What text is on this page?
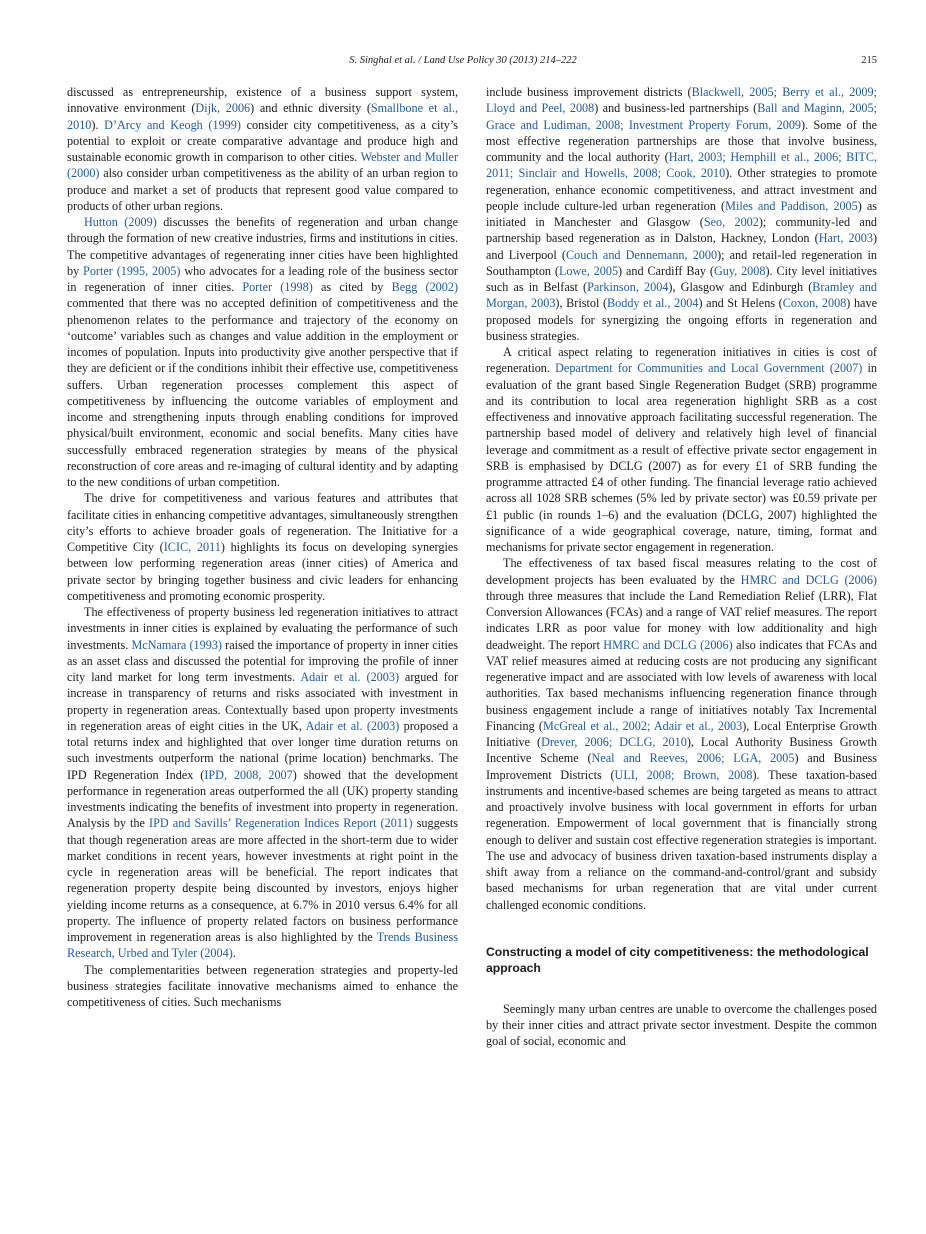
S. Singhal et al. / Land Use Policy 30 (2013) 214–222	215

discussed as entrepreneurship, existence of a business support system, innovative environment (Dijk, 2006) and ethnic diversity (Smallbone et al., 2010). D’Arcy and Keogh (1999) consider city competitiveness, as a city’s potential to exploit or create comparative advantage and produce high and sustainable economic growth in comparison to other cities. Webster and Muller (2000) also consider urban competitiveness as the ability of an urban region to produce and market a set of products that represent good value compared to products of other urban regions.

Hutton (2009) discusses the benefits of regeneration and urban change through the formation of new creative industries, firms and institutions in cities. The competitive advantages of regenerating inner cities have been highlighted by Porter (1995, 2005) who advocates for a leading role of the business sector in regeneration of inner cities. Porter (1998) as cited by Begg (2002) commented that there was no accepted definition of competitiveness and the phenomenon relates to the performance and trajectory of the economy on ‘outcome’ variables such as changes and value addition in the employment or incomes of population. Inputs into productivity give another perspective that if they are deficient or if the conditions inhibit their effective use, competitiveness suffers. Urban regeneration processes complement this aspect of competitiveness by influencing the outcome variables of employment and income and strengthening inputs through enabling conditions for improved physical/built environment, economic and social benefits. Many cities have successfully embraced regeneration strategies by means of the physical reconstruction of core areas and re-imaging of cultural identity and by adapting to the new conditions of urban competition.

The drive for competitiveness and various features and attributes that facilitate cities in enhancing competitive advantages, simultaneously strengthen city’s efforts to achieve broader goals of regeneration. The Initiative for a Competitive City (ICIC, 2011) highlights its focus on developing synergies between low performing regeneration areas (inner cities) of America and private sector by bringing together business and civic leaders for enhancing competitiveness and promoting economic prosperity.

The effectiveness of property business led regeneration initiatives to attract investments in inner cities is explained by evaluating the performance of such investments. McNamara (1993) raised the importance of property in inner cities as an asset class and discussed the potential for improving the profile of inner city land market for long term investments. Adair et al. (2003) argued for increase in transparency of returns and risks associated with investment in property in regeneration areas. Contextually based upon property investments in regeneration areas of eight cities in the UK, Adair et al. (2003) proposed a total returns index and highlighted that over longer time duration returns on such investments outperform the national (prime location) benchmarks. The IPD Regeneration Index (IPD, 2008, 2007) showed that the development performance in regeneration areas outperformed the all (UK) property standing investments indicating the benefits of investment into property in regeneration. Analysis by the IPD and Savills’ Regeneration Indices Report (2011) suggests that though regeneration areas are more affected in the short-term due to wider market conditions in recent years, however investments at right point in the cycle in regeneration areas will be beneficial. The report indicates that regeneration property despite being discounted by investors, enjoys higher yielding income returns as a consequence, at 6.7% in 2010 versus 6.4% for all property. The influence of property related factors on business performance improvement in regeneration areas is also highlighted by the Trends Business Research, Urbed and Tyler (2004).

The complementarities between regeneration strategies and property-led business strategies facilitate innovative mechanisms aimed to enhance the competitiveness of cities. Such mechanisms

include business improvement districts (Blackwell, 2005; Berry et al., 2009; Lloyd and Peel, 2008) and business-led partnerships (Ball and Maginn, 2005; Grace and Ludiman, 2008; Investment Property Forum, 2009). Some of the most effective regeneration partnerships are those that involve business, community and the local authority (Hart, 2003; Hemphill et al., 2006; BITC, 2011; Sinclair and Howells, 2008; Cook, 2010). Other strategies to promote regeneration, enhance economic competitiveness, and attract investment and people include culture-led urban regeneration (Miles and Paddison, 2005) as initiated in Manchester and Glasgow (Seo, 2002); community-led and partnership based regeneration as in Dalston, Hackney, London (Hart, 2003) and Liverpool (Couch and Dennemann, 2000); and retail-led regeneration in Southampton (Lowe, 2005) and Cardiff Bay (Guy, 2008). City level initiatives such as in Belfast (Parkinson, 2004), Glasgow and Edinburgh (Bramley and Morgan, 2003), Bristol (Boddy et al., 2004) and St Helens (Coxon, 2008) have proposed models for synergizing the ongoing efforts in regeneration and business strategies.

A critical aspect relating to regeneration initiatives in cities is cost of regeneration. Department for Communities and Local Government (2007) in evaluation of the grant based Single Regeneration Budget (SRB) programme and its contribution to local area regeneration highlight SRB as a cost effectiveness and innovative approach facilitating successful regeneration. The partnership based model of delivery and relatively high level of financial leverage and commitment as a result of effective private sector engagement in SRB is emphasised by DCLG (2007) as for every £1 of SRB funding the programme attracted £4 of other funding. The financial leverage ratio achieved across all 1028 SRB schemes (5% led by private sector) was £0.59 private per £1 public (in rounds 1–6) and the evaluation (DCLG, 2007) highlighted the significance of a wide geographical coverage, nature, timing, format and mechanisms for private sector engagement in regeneration.

The effectiveness of tax based fiscal measures relating to the cost of development projects has been evaluated by the HMRC and DCLG (2006) through three measures that include the Land Remediation Relief (LRR), Flat Conversion Allowances (FCAs) and a range of VAT relief measures. The report indicates LRR as poor value for money with low additionality and high deadweight. The report HMRC and DCLG (2006) also indicates that FCAs and VAT relief measures aimed at reducing costs are not producing any significant regenerative impact and are associated with low levels of awareness with local authorities. Tax based mechanisms influencing regeneration finance through business engagement include a range of initiatives notably Tax Incremental Financing (McGreal et al., 2002; Adair et al., 2003), Local Enterprise Growth Initiative (Drever, 2006; DCLG, 2010), Local Authority Business Growth Incentive Scheme (Neal and Reeves, 2006; LGA, 2005) and Business Improvement Districts (ULI, 2008; Brown, 2008). These taxation-based instruments and incentive-based schemes are being targeted as means to attract and proactively involve business with local government in efforts for urban regeneration. Empowerment of local government that is financially strong enough to deliver and sustain cost effective regeneration strategies is important. The use and advocacy of business driven taxation-based instruments display a shift away from a reliance on the command-and-control/grant and subsidy based mechanisms for urban regeneration that are vital under current challenged economic conditions.

Constructing a model of city competitiveness: the methodological approach

Seemingly many urban centres are unable to overcome the challenges posed by their inner cities and attract private sector investment. Despite the common goal of social, economic and
